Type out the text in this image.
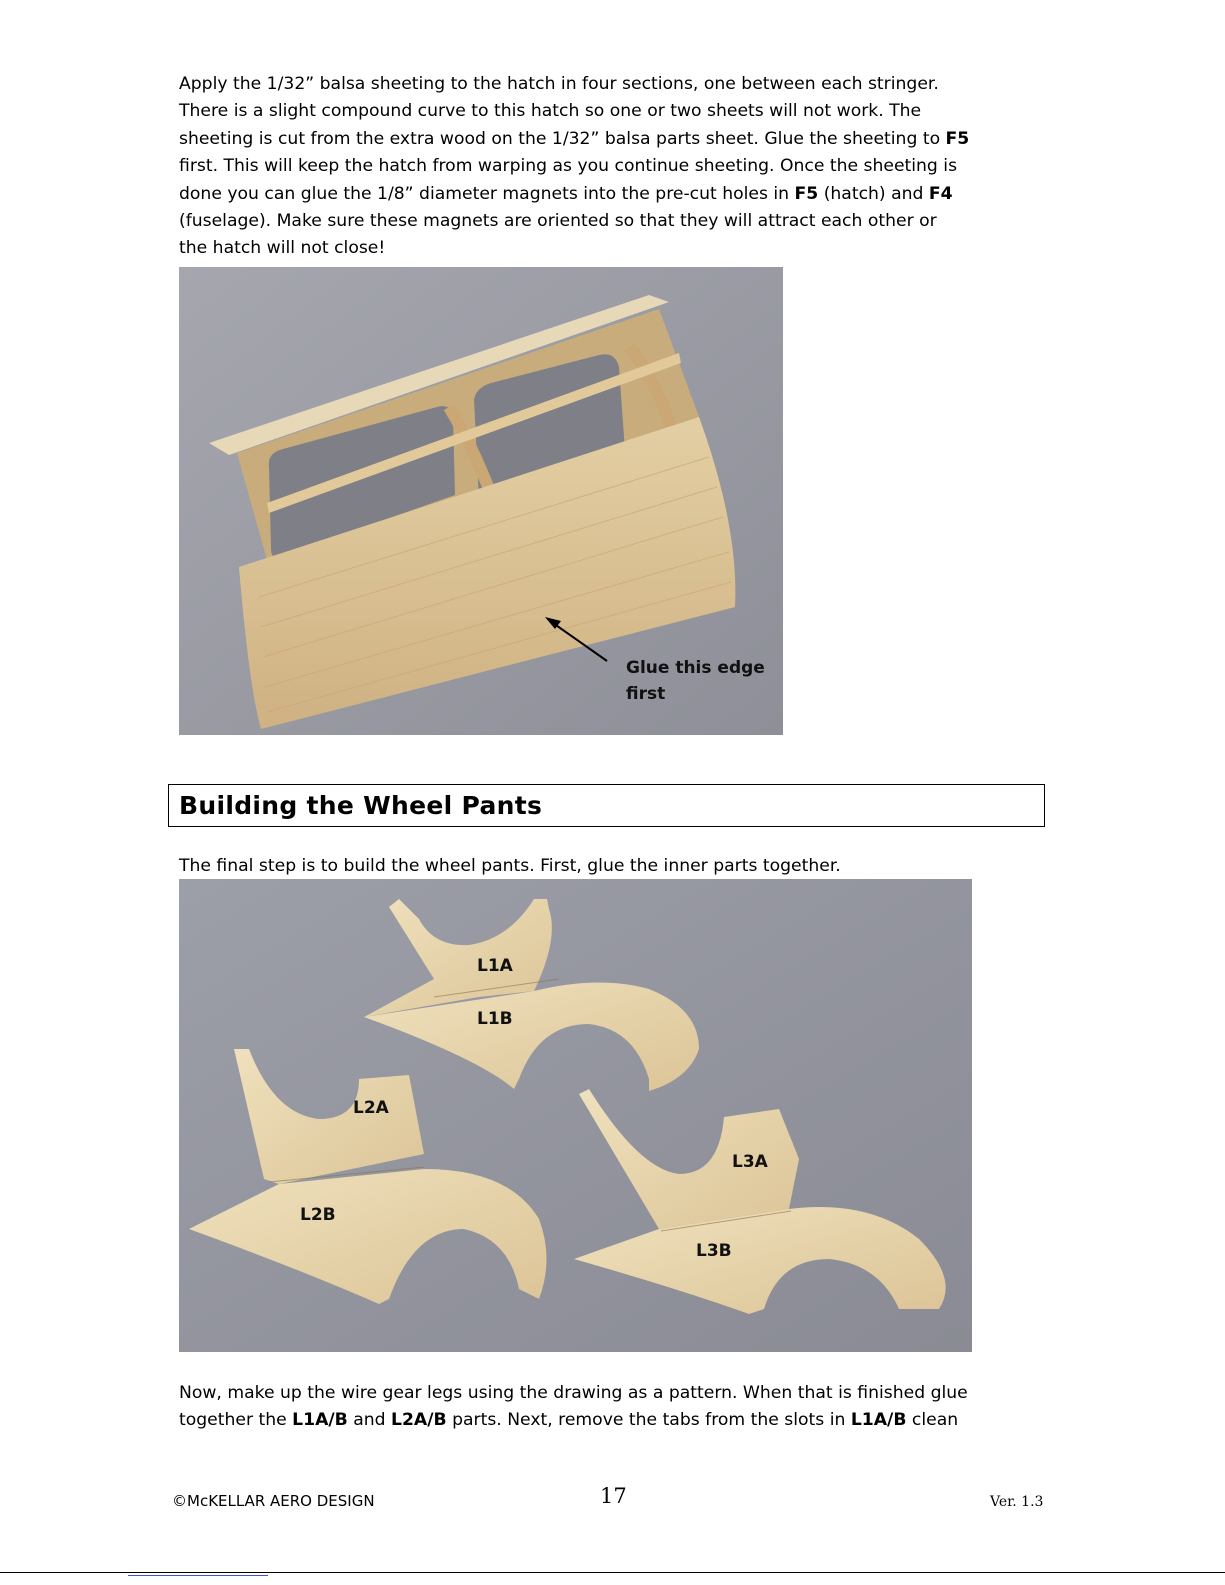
Apply the 1/32” balsa sheeting to the hatch in four sections, one between each stringer.
There is a slight compound curve to this hatch so one or two sheets will not work. The
sheeting is cut from the extra wood on the 1/32” balsa parts sheet. Glue the sheeting to F5
first. This will keep the hatch from warping as you continue sheeting. Once the sheeting is
done you can glue the 1/8” diameter magnets into the pre-cut holes in F5 (hatch) and F4
(fuselage). Make sure these magnets are oriented so that they will attract each other or
the hatch will not close!
Glue this edge
first
Building the Wheel Pants
The final step is to build the wheel pants. First, glue the inner parts together.
L1A
L1B
L2A
L2B
L3A
L3B
Now, make up the wire gear legs using the drawing as a pattern. When that is finished glue
together the L1A/B and L2A/B parts. Next, remove the tabs from the slots in L1A/B clean
©McKELLAR AERO DESIGN	17	Ver. 1.3
